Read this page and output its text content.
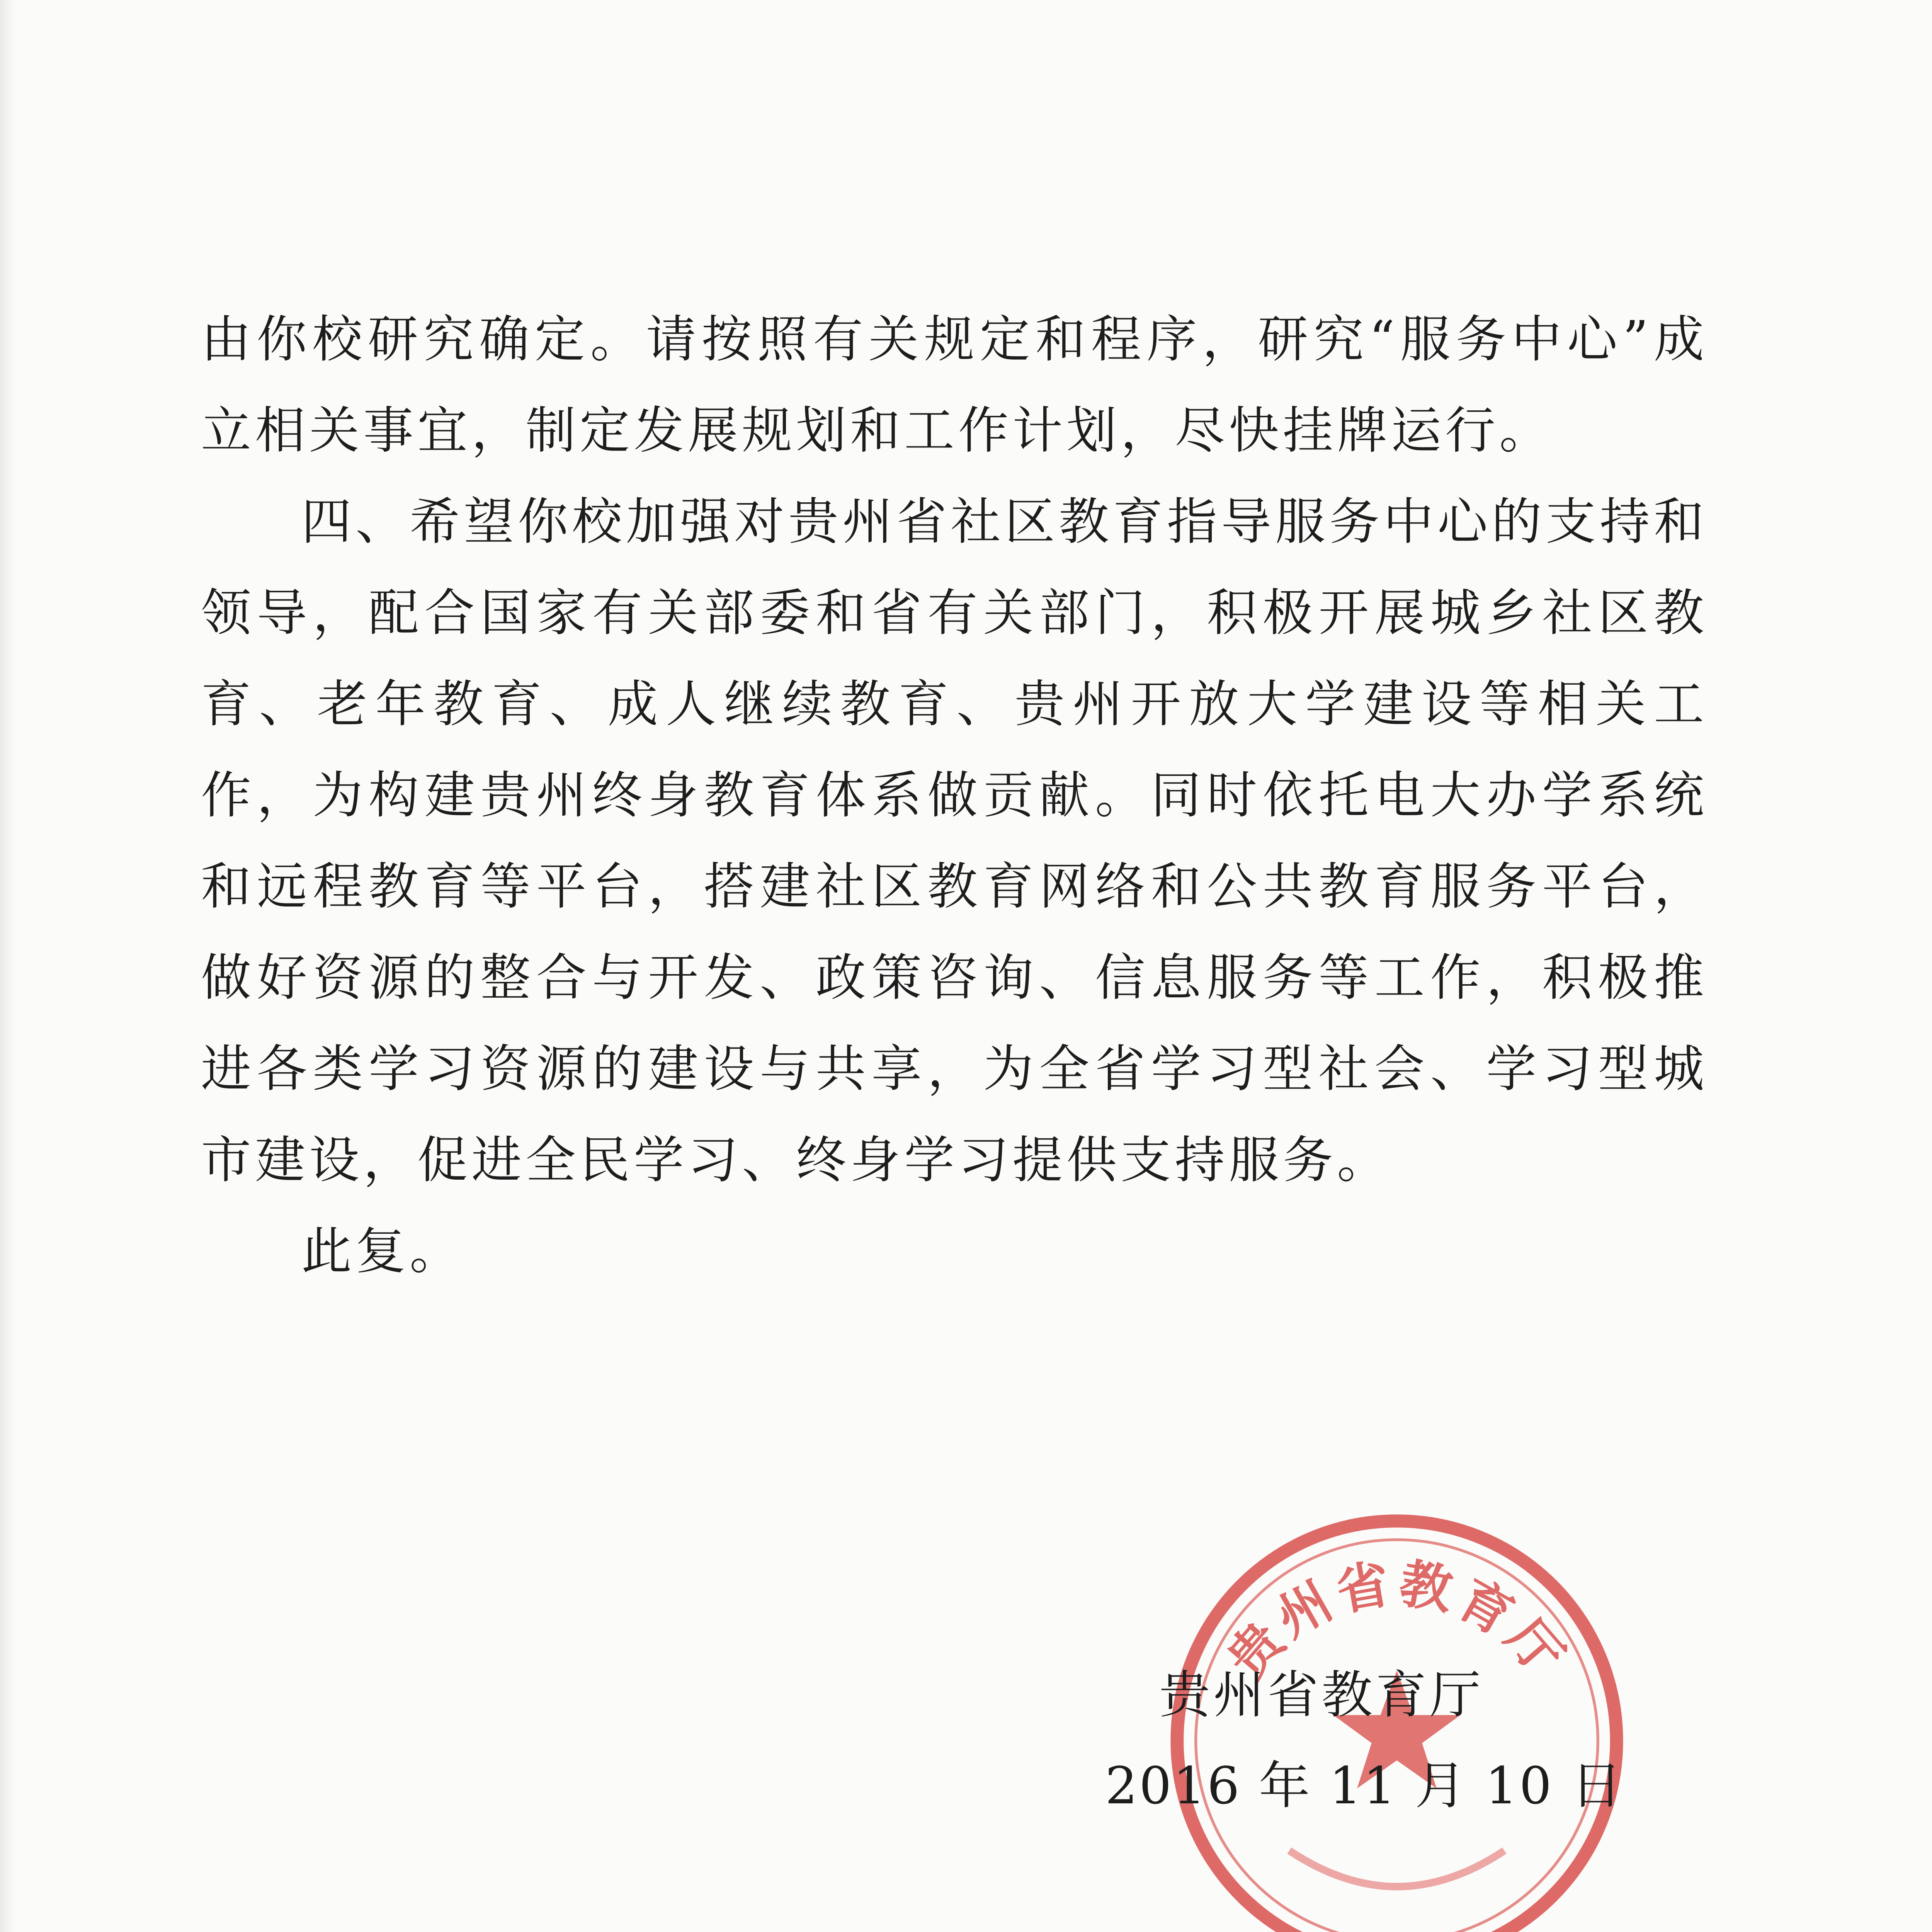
由你校研究确定。请按照有关规定和程序，研究“服务中心”成立相关事宜，制定发展规划和工作计划，尽快挂牌运行。

四、希望你校加强对贵州省社区教育指导服务中心的支持和领导，配合国家有关部委和省有关部门，积极开展城乡社区教育、老年教育、成人继续教育、贵州开放大学建设等相关工作，为构建贵州终身教育体系做贡献。同时依托电大办学系统和远程教育等平台，搭建社区教育网络和公共教育服务平台，做好资源的整合与开发、政策咨询、信息服务等工作，积极推进各类学习资源的建设与共享，为全省学习型社会、学习型城市建设，促进全民学习、终身学习提供支持服务。

此复。

贵州省教育厅
贵州省教育厅
2016 年 11 月 10 日
